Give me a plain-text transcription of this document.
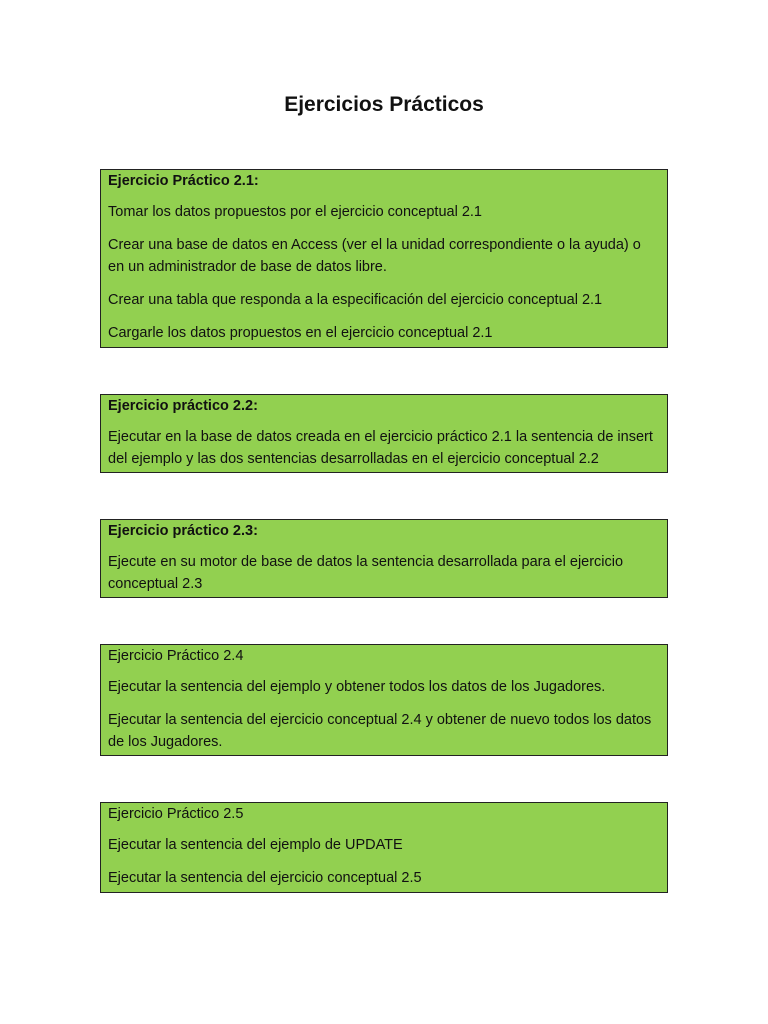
Ejercicios Prácticos

Ejercicio Práctico 2.1:

Tomar los datos propuestos por el ejercicio conceptual 2.1

Crear una base de datos en Access (ver el la unidad correspondiente o la ayuda) o en un administrador de base de datos libre.

Crear una tabla que responda a la especificación del ejercicio conceptual 2.1

Cargarle los datos propuestos en el ejercicio conceptual 2.1

Ejercicio práctico 2.2:

Ejecutar en la base de datos creada en el ejercicio práctico 2.1 la sentencia de insert del ejemplo y las dos sentencias desarrolladas en el ejercicio conceptual 2.2

Ejercicio práctico 2.3:

Ejecute en su motor de base de datos la sentencia desarrollada para el ejercicio conceptual 2.3

Ejercicio Práctico 2.4

Ejecutar la sentencia del ejemplo y obtener todos los datos de los Jugadores.

Ejecutar la sentencia del ejercicio conceptual 2.4 y obtener de nuevo todos los datos de los Jugadores.

Ejercicio Práctico 2.5

Ejecutar la sentencia del ejemplo de UPDATE

Ejecutar la sentencia del ejercicio conceptual 2.5
